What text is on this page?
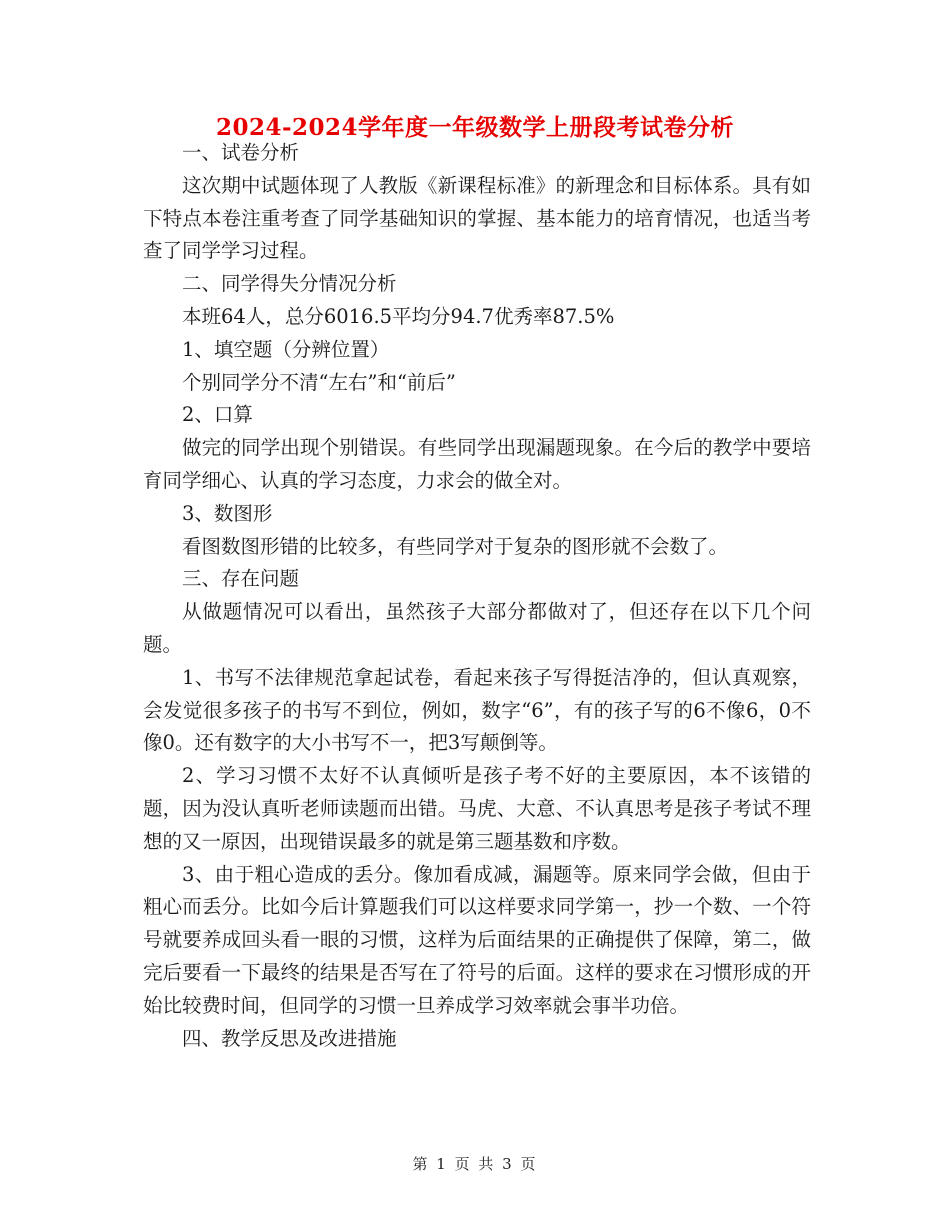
2024-2024学年度一年级数学上册段考试卷分析

一、试卷分析

这次期中试题体现了人教版《新课程标准》的新理念和目标体系。具有如下特点本卷注重考查了同学基础知识的掌握、基本能力的培育情况，也适当考查了同学学习过程。

二、同学得失分情况分析

本班64人，总分6016.5平均分94.7优秀率87.5%

1、填空题（分辨位置）

个别同学分不清“左右”和“前后”

2、口算

做完的同学出现个别错误。有些同学出现漏题现象。在今后的教学中要培育同学细心、认真的学习态度，力求会的做全对。

3、数图形

看图数图形错的比较多，有些同学对于复杂的图形就不会数了。

三、存在问题

从做题情况可以看出，虽然孩子大部分都做对了，但还存在以下几个问题。

1、书写不法律规范拿起试卷，看起来孩子写得挺洁净的，但认真观察，会发觉很多孩子的书写不到位，例如，数字“6”，有的孩子写的6不像6，0不像0。还有数字的大小书写不一，把3写颠倒等。

2、学习习惯不太好不认真倾听是孩子考不好的主要原因，本不该错的题，因为没认真听老师读题而出错。马虎、大意、不认真思考是孩子考试不理想的又一原因，出现错误最多的就是第三题基数和序数。

3、由于粗心造成的丢分。像加看成减，漏题等。原来同学会做，但由于粗心而丢分。比如今后计算题我们可以这样要求同学第一，抄一个数、一个符号就要养成回头看一眼的习惯，这样为后面结果的正确提供了保障，第二，做完后要看一下最终的结果是否写在了符号的后面。这样的要求在习惯形成的开始比较费时间，但同学的习惯一旦养成学习效率就会事半功倍。

四、教学反思及改进措施

第 1 页 共 3 页
